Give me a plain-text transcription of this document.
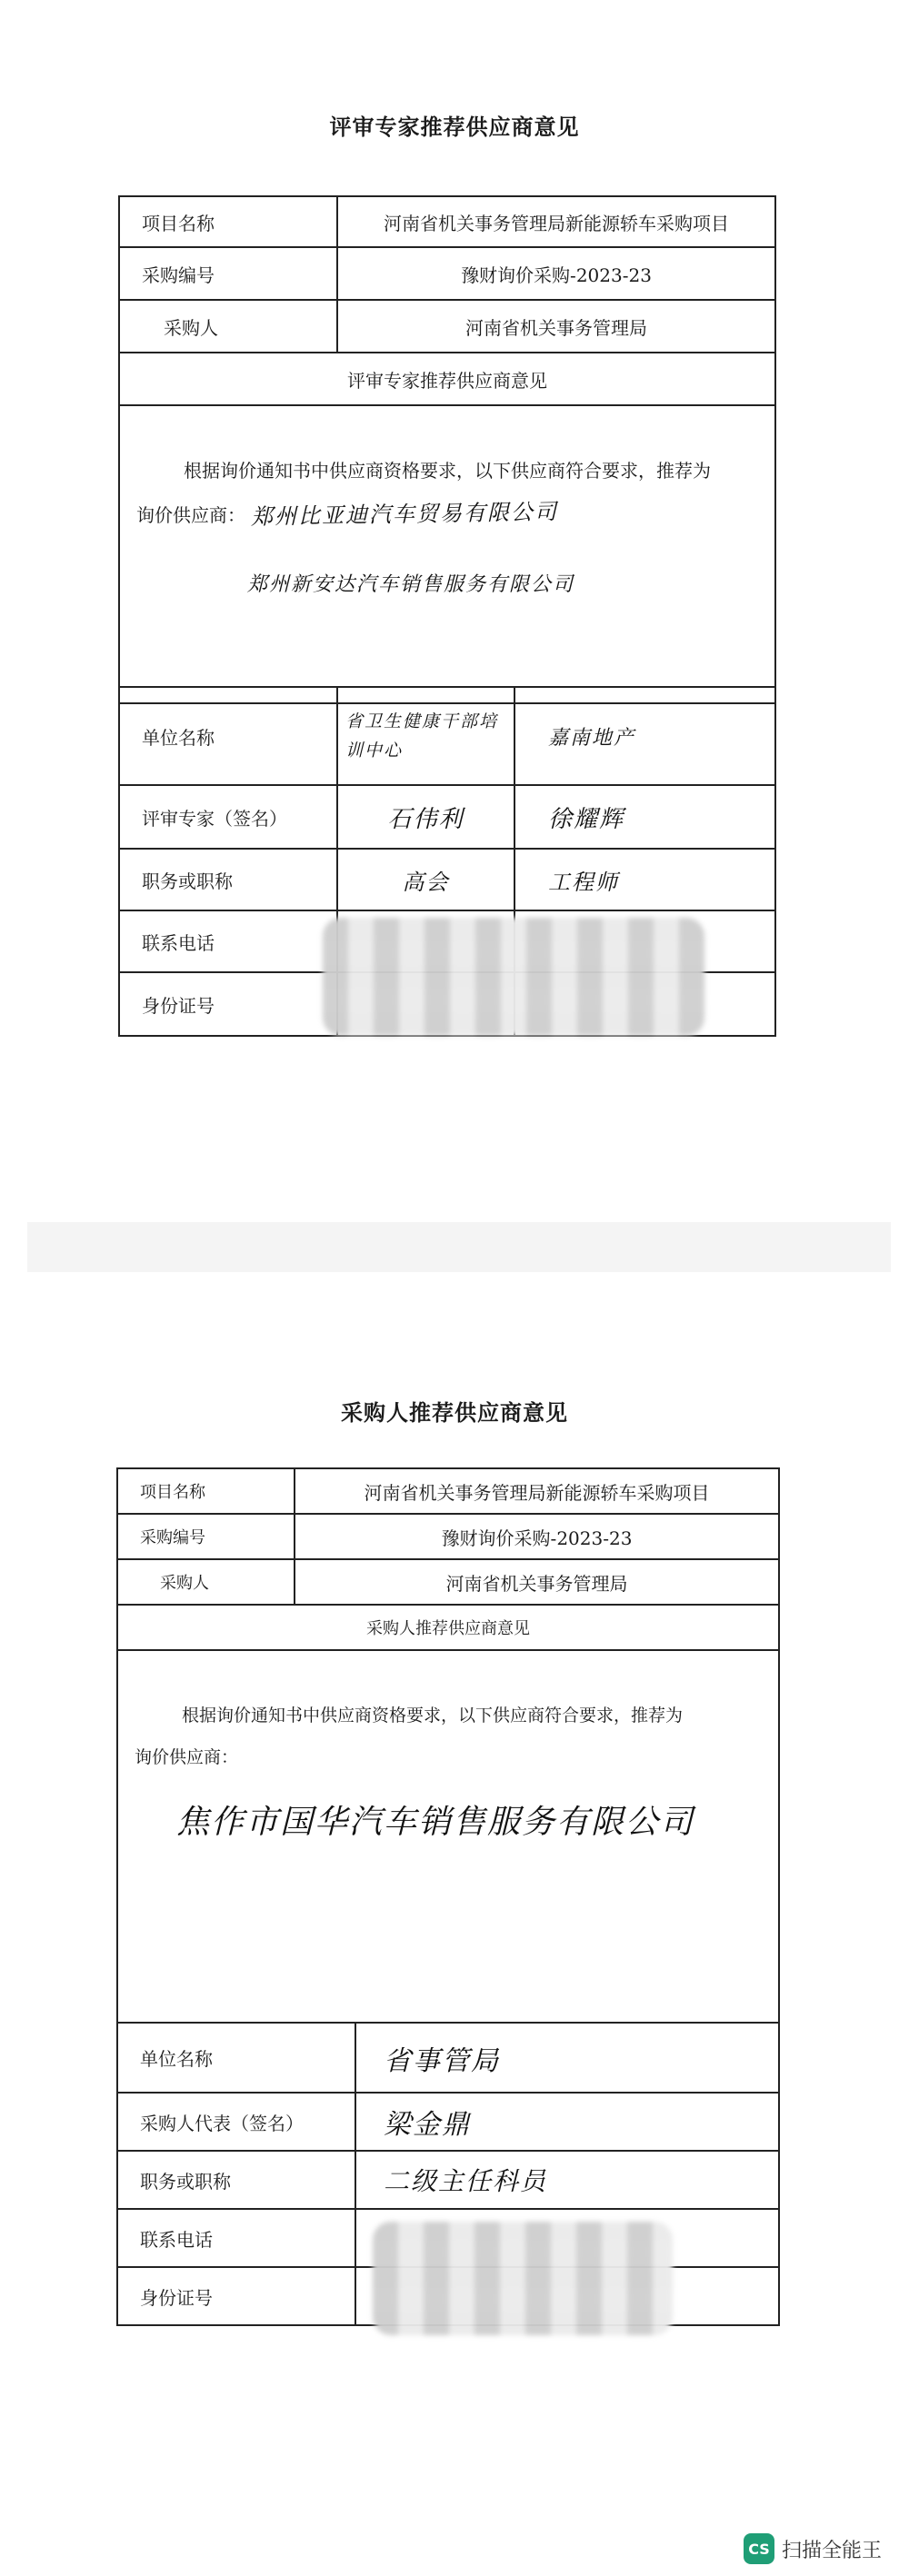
评审专家推荐供应商意见
项目名称	河南省机关事务管理局新能源轿车采购项目
采购编号	豫财询价采购-2023-23
采购人	河南省机关事务管理局
评审专家推荐供应商意见	

根据询价通知书中供应商资格要求，以下供应商符合要求，推荐为
询价供应商： 郑州比亚迪汽车贸易有限公司
郑州新安达汽车销售服务有限公司	
单位名称	省卫生健康干部培训中心	嘉南地产
评审专家（签名）	石伟利	徐耀辉
职务或职称	高会	工程师
联系电话		
身份证号		
采购人推荐供应商意见
项目名称	河南省机关事务管理局新能源轿车采购项目
采购编号	豫财询价采购-2023-23
采购人	河南省机关事务管理局
采购人推荐供应商意见	

根据询价通知书中供应商资格要求，以下供应商符合要求，推荐为
询价供应商：
焦作市国华汽车销售服务有限公司	
单位名称	省事管局
采购人代表（签名）	梁金鼎
职务或职称	二级主任科员
联系电话	
身份证号	
CS 扫描全能王
